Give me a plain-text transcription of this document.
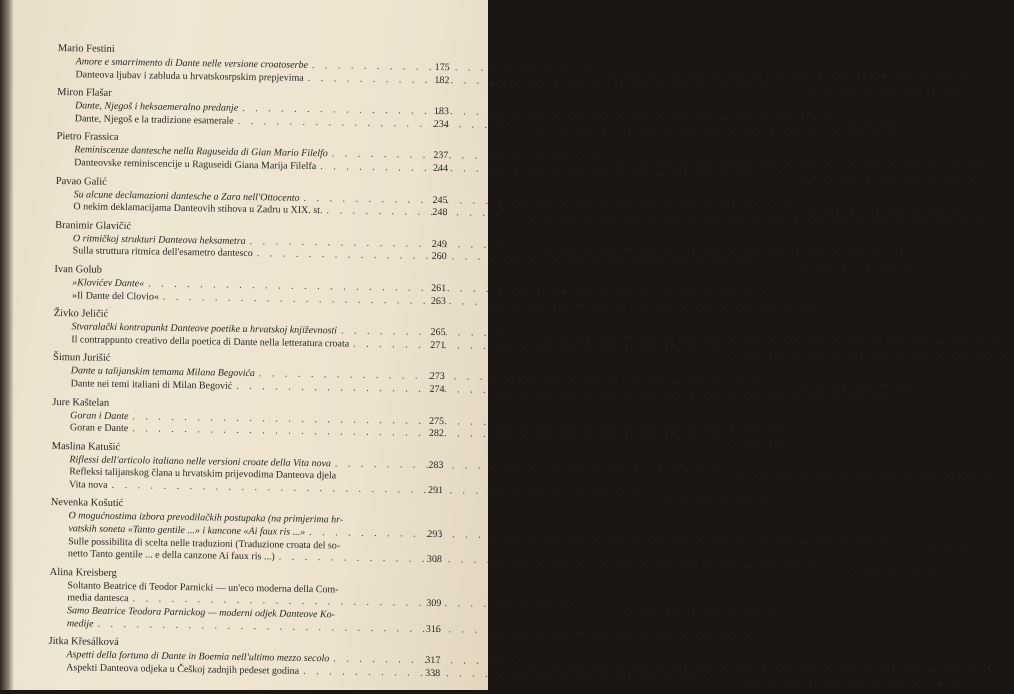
Mario Festini
Amore e smarrimento di Dante nelle versione croatoserbe . . .	175
Danteova ljubav i zabluda u hrvatskosrpskim prepjevima . . .	182
Miron Flašar
Dante, Njegoš i heksaemeralno predanje . . .	183
Dante, Njegoš e la tradizione esamerale . . .	234
Pietro Frassica
Reminiscenze dantesche nella Raguseida di Gian Mario Filelfo . . .	237
Danteovske reminiscencije u Raguseidi Giana Marija Filelfa . . .	244
Pavao Galić
Su alcune declamazioni dantesche a Zara nell'Ottocento . . .	245
O nekim deklamacijama Danteovih stihova u Zadru u XIX. st. . . .	248
Branimir Glavičić
O ritmičkoj strukturi Danteova heksametra . . .	249
Sulla struttura ritmica dell'esametro dantesco . . .	260
Ivan Golub
»Klovićev Dante« . . .	261
»Il Dante del Clovio« . . .	263
Živko Jeličić
Stvaralački kontrapunkt Danteove poetike u hrvatskoj književnosti . . .	265
Il contrappunto creativo della poetica di Dante nella letteratura croata . . .	271
Šimun Jurišić
Dante u talijanskim temama Milana Begovića . . .	273
Dante nei temi italiani di Milan Begović . . .	274
Jure Kaštelan
Goran i Dante . . .	275
Goran e Dante . . .	282
Maslina Katušić
Riflessi dell'articolo italiano nelle versioni croate della Vita nova . . .	283
Refleksi talijanskog člana u hrvatskim prijevodima Danteova djela
Vita nova . . .	291
Nevenka Košutić
O mogućnostima izbora prevodilačkih postupaka (na primjerima hr-
vatskih soneta «Tanto gentile ...» i kancone «Ai faux ris ...» . . .	293
Sulle possibilita di scelta nelle traduzioni (Traduzione croata del so-
netto Tanto gentile ... e della canzone Ai faux ris ...) . . .	308
Alina Kreisberg
Soltanto Beatrice di Teodor Parnicki — un'eco moderna della Com-
media dantesca . . .	309
Samo Beatrice Teodora Parnickog — moderni odjek Danteove Ko-
medije . . .	316
Jitka Křesálková
Aspetti della fortuna di Dante in Boemia nell'ultimo mezzo secolo . . .	317
Aspekti Danteova odjeka u Češkoj zadnjih pedeset godina . . .	338
